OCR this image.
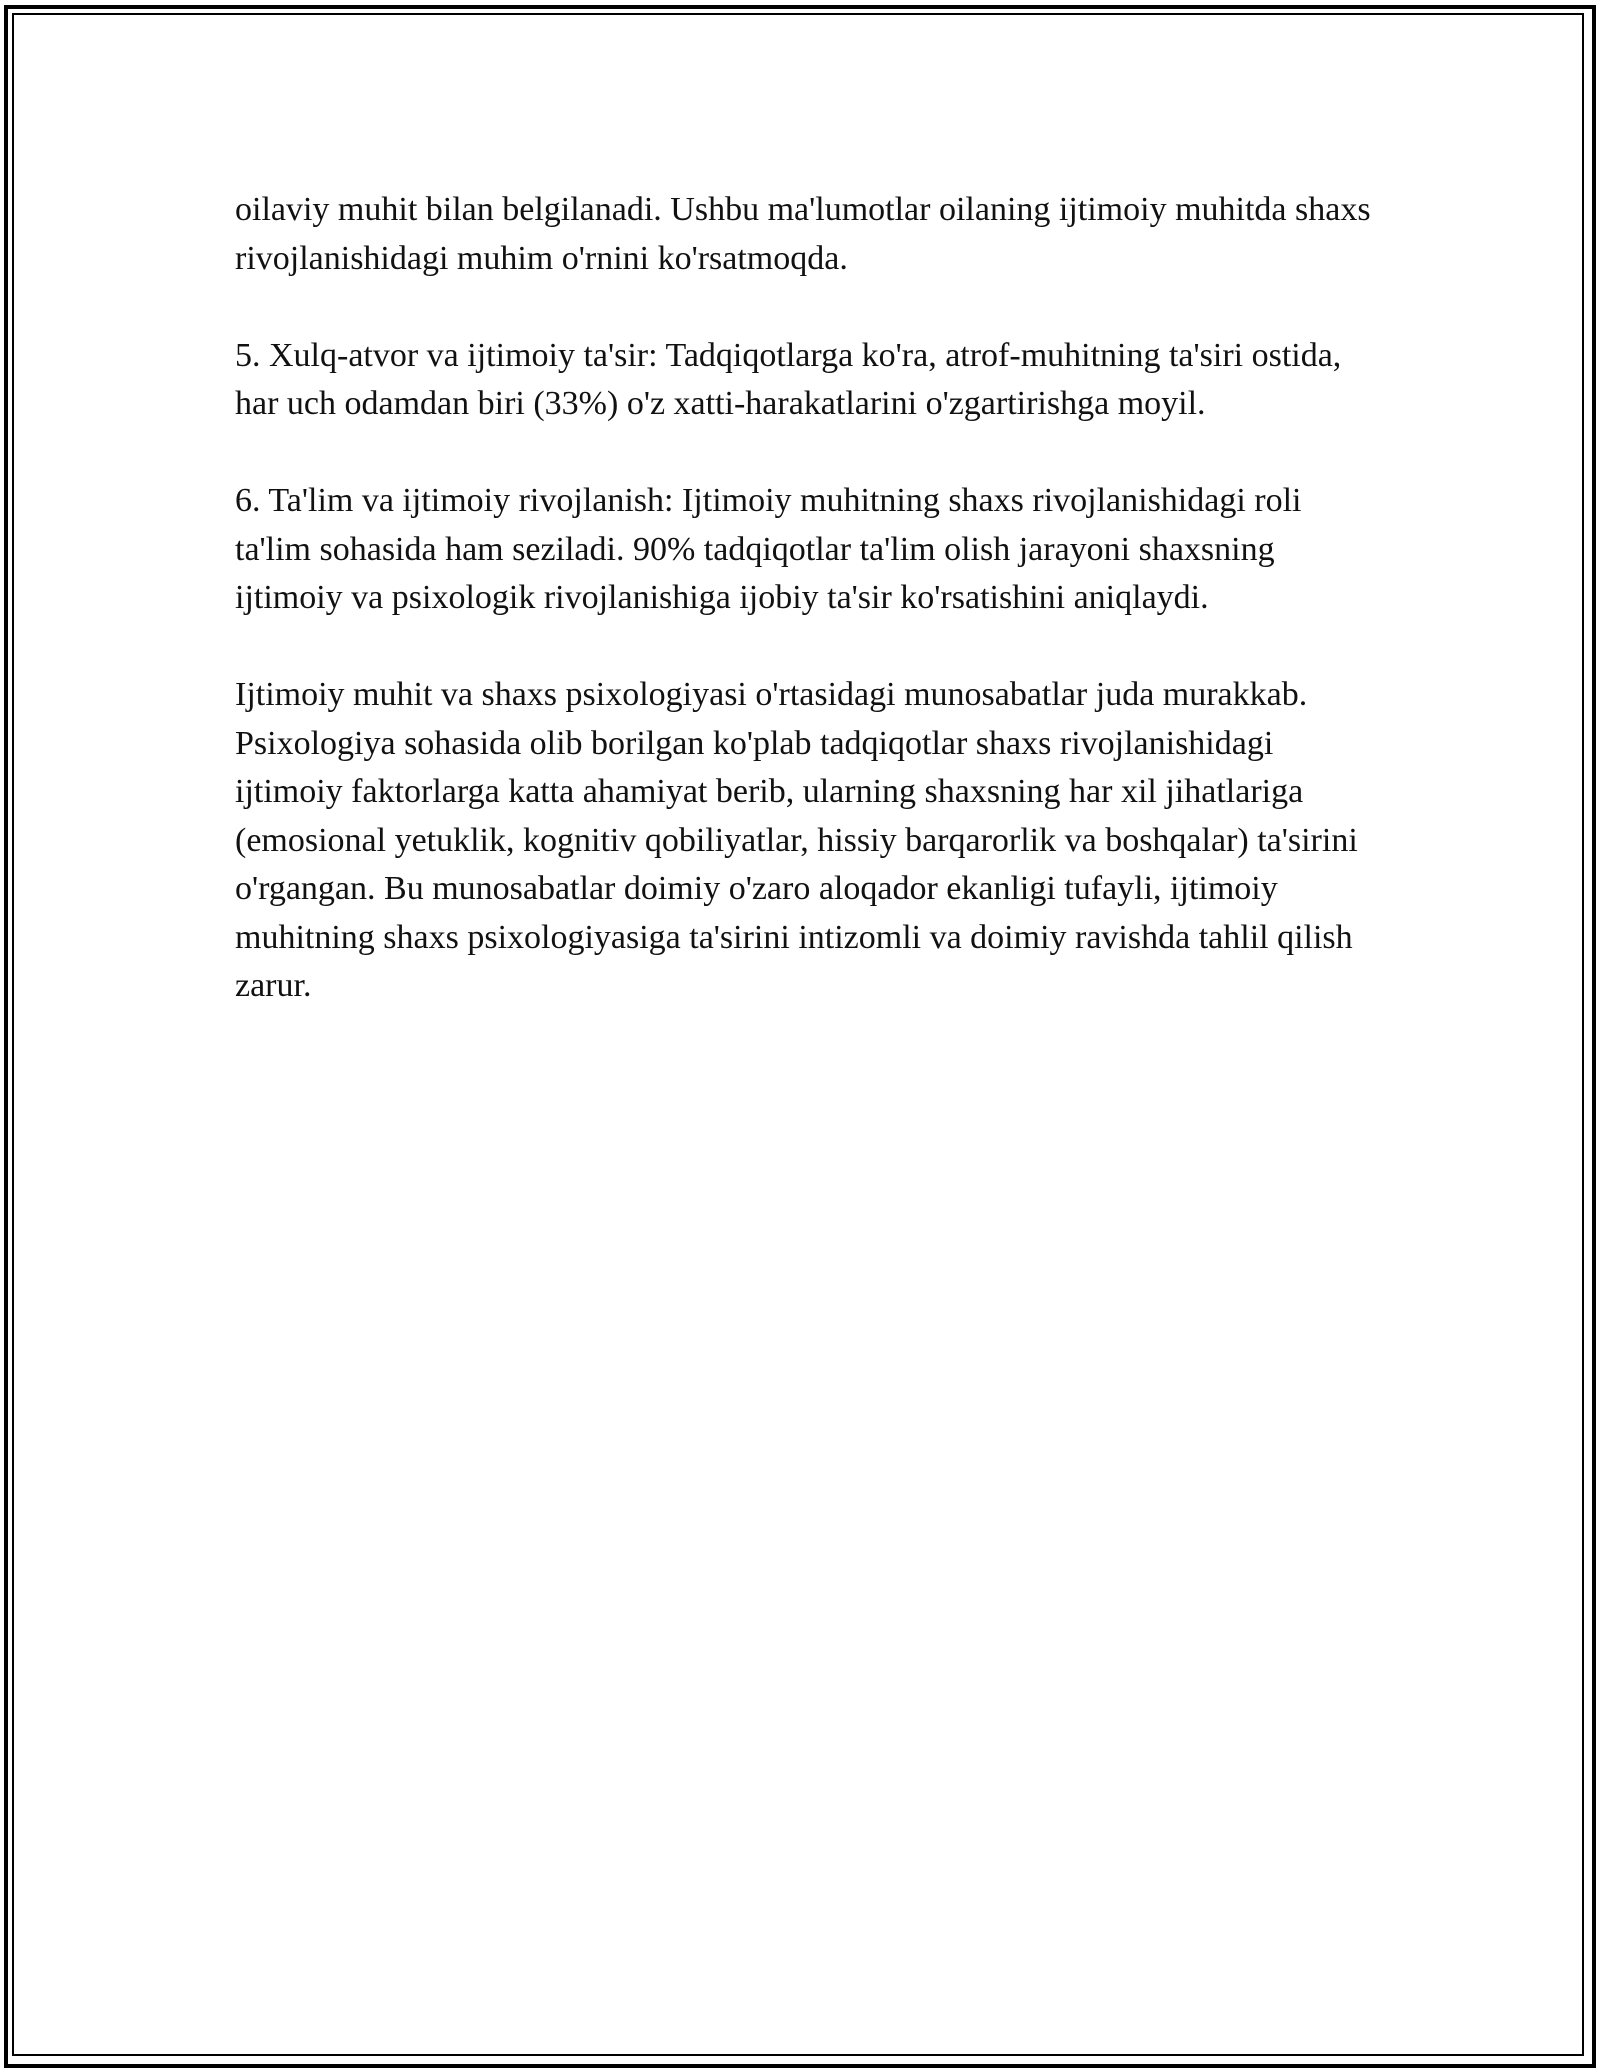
oilaviy muhit bilan belgilanadi. Ushbu ma'lumotlar oilaning ijtimoiy muhitda shaxs rivojlanishidagi muhim o'rnini ko'rsatmoqda.

5. Xulq-atvor va ijtimoiy ta'sir: Tadqiqotlarga ko'ra, atrof-muhitning ta'siri ostida, har uch odamdan biri (33%) o'z xatti-harakatlarini o'zgartirishga moyil.

6. Ta'lim va ijtimoiy rivojlanish: Ijtimoiy muhitning shaxs rivojlanishidagi roli ta'lim sohasida ham seziladi. 90% tadqiqotlar ta'lim olish jarayoni shaxsning ijtimoiy va psixologik rivojlanishiga ijobiy ta'sir ko'rsatishini aniqlaydi.

Ijtimoiy muhit va shaxs psixologiyasi o'rtasidagi munosabatlar juda murakkab. Psixologiya sohasida olib borilgan ko'plab tadqiqotlar shaxs rivojlanishidagi ijtimoiy faktorlarga katta ahamiyat berib, ularning shaxsning har xil jihatlariga (emosional yetuklik, kognitiv qobiliyatlar, hissiy barqarorlik va boshqalar) ta'sirini o'rgangan. Bu munosabatlar doimiy o'zaro aloqador ekanligi tufayli, ijtimoiy muhitning shaxs psixologiyasiga ta'sirini intizomli va doimiy ravishda tahlil qilish zarur.
